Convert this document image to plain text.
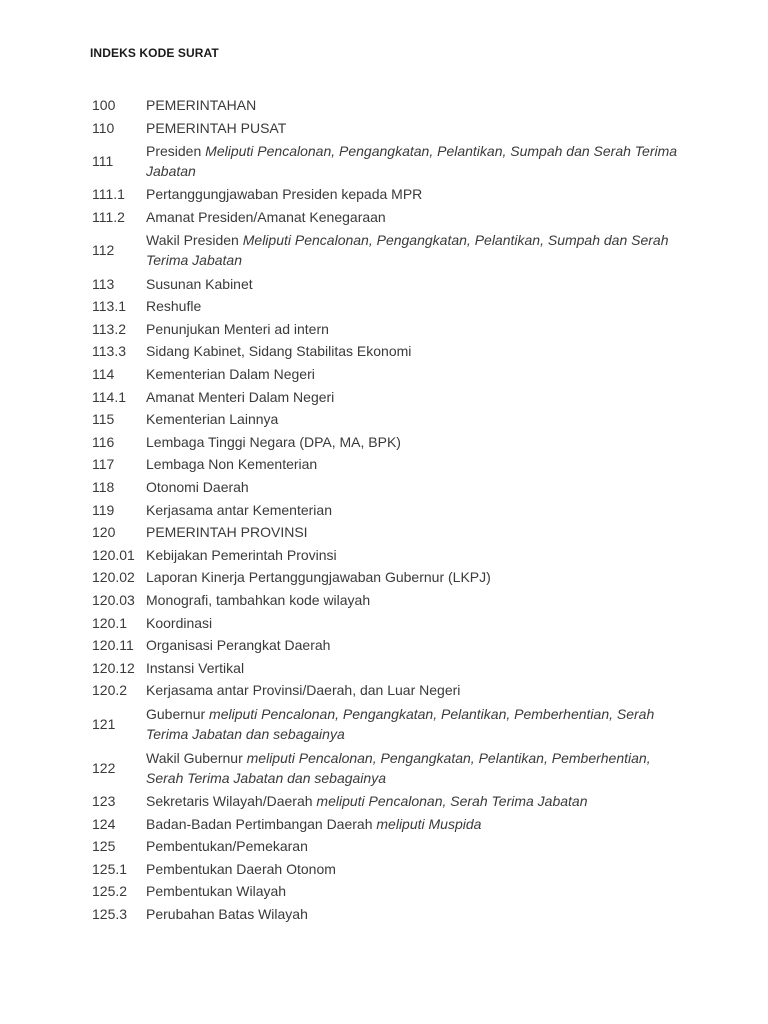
INDEKS KODE SURAT
100	PEMERINTAHAN
110	PEMERINTAH PUSAT
111	Presiden Meliputi Pencalonan, Pengangkatan, Pelantikan, Sumpah dan Serah Terima Jabatan
111.1	Pertanggungjawaban Presiden kepada MPR
111.2	Amanat Presiden/Amanat Kenegaraan
112	Wakil Presiden Meliputi Pencalonan, Pengangkatan, Pelantikan, Sumpah dan Serah Terima Jabatan
113	Susunan Kabinet
113.1	Reshufle
113.2	Penunjukan Menteri ad intern
113.3	Sidang Kabinet, Sidang Stabilitas Ekonomi
114	Kementerian Dalam Negeri
114.1	Amanat Menteri Dalam Negeri
115	Kementerian Lainnya
116	Lembaga Tinggi Negara (DPA, MA, BPK)
117	Lembaga Non Kementerian
118	Otonomi Daerah
119	Kerjasama antar Kementerian
120	PEMERINTAH PROVINSI
120.01	Kebijakan Pemerintah Provinsi
120.02	Laporan Kinerja Pertanggungjawaban Gubernur (LKPJ)
120.03	Monografi, tambahkan kode wilayah
120.1	Koordinasi
120.11	Organisasi Perangkat Daerah
120.12	Instansi Vertikal
120.2	Kerjasama antar Provinsi/Daerah, dan Luar Negeri
121	Gubernur meliputi Pencalonan, Pengangkatan, Pelantikan, Pemberhentian, Serah Terima Jabatan dan sebagainya
122	Wakil Gubernur meliputi Pencalonan, Pengangkatan, Pelantikan, Pemberhentian, Serah Terima Jabatan dan sebagainya
123	Sekretaris Wilayah/Daerah meliputi Pencalonan, Serah Terima Jabatan
124	Badan-Badan Pertimbangan Daerah meliputi Muspida
125	Pembentukan/Pemekaran
125.1	Pembentukan Daerah Otonom
125.2	Pembentukan Wilayah
125.3	Perubahan Batas Wilayah
